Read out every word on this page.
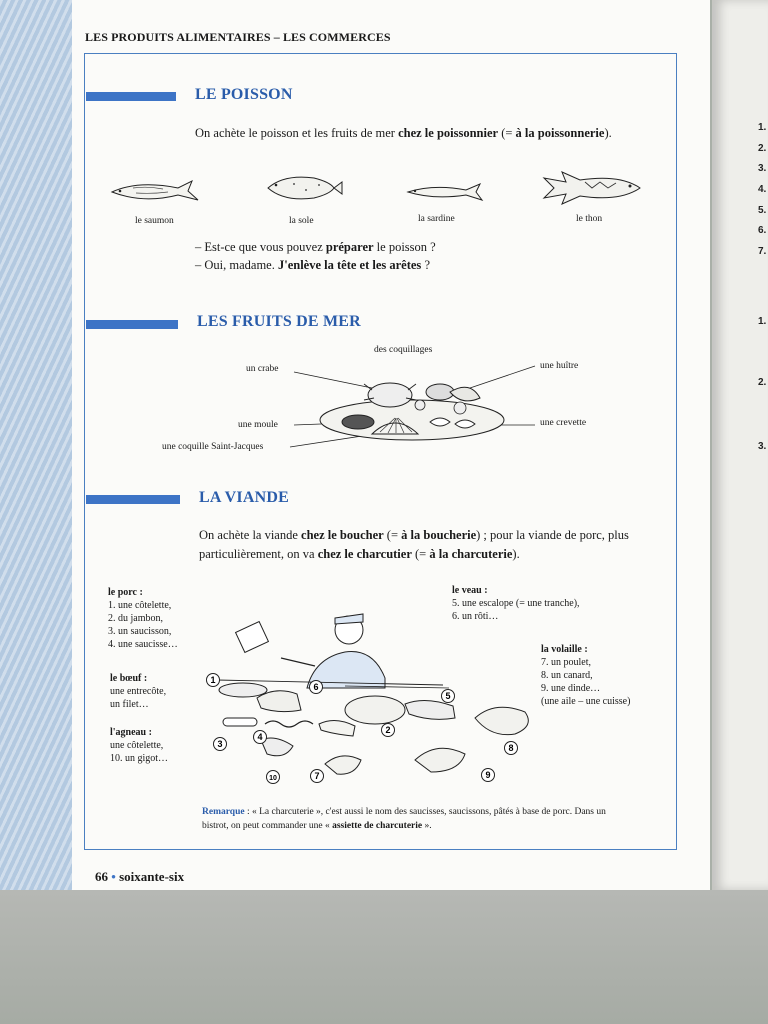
1.
2.
3.
4.
5.
6.
7.
1.
2.
3.
LES PRODUITS ALIMENTAIRES – LES COMMERCES
LE POISSON
On achète le poisson et les fruits de mer chez le poissonnier (= à la poissonnerie).
le saumon	la sole	la sardine	le thon
– Est-ce que vous pouvez préparer le poisson ?
– Oui, madame. J'enlève la tête et les arêtes ?
LES FRUITS DE MER
des coquillages
un crabe	une huître
une moule	une crevette
une coquille Saint-Jacques
LA VIANDE
On achète la viande chez le boucher (= à la boucherie) ; pour la viande de porc, plus particulièrement, on va chez le charcutier (= à la charcuterie).
le porc :
1. une côtelette,
2. du jambon,
3. un saucisson,
4. une saucisse…
le bœuf :
une entrecôte,
un filet…
l'agneau :
une côtelette,
10. un gigot…
le veau :
5. une escalope (= une tranche),
6. un rôti…
la volaille :
7. un poulet,
8. un canard,
9. une dinde…
(une aile – une cuisse)
1
2
3
4
5
6
7
8
9
10
Remarque : « La charcuterie », c'est aussi le nom des saucisses, saucissons, pâtés à base de porc. Dans un bistrot, on peut commander une « assiette de charcuterie ».
66 • soixante-six
